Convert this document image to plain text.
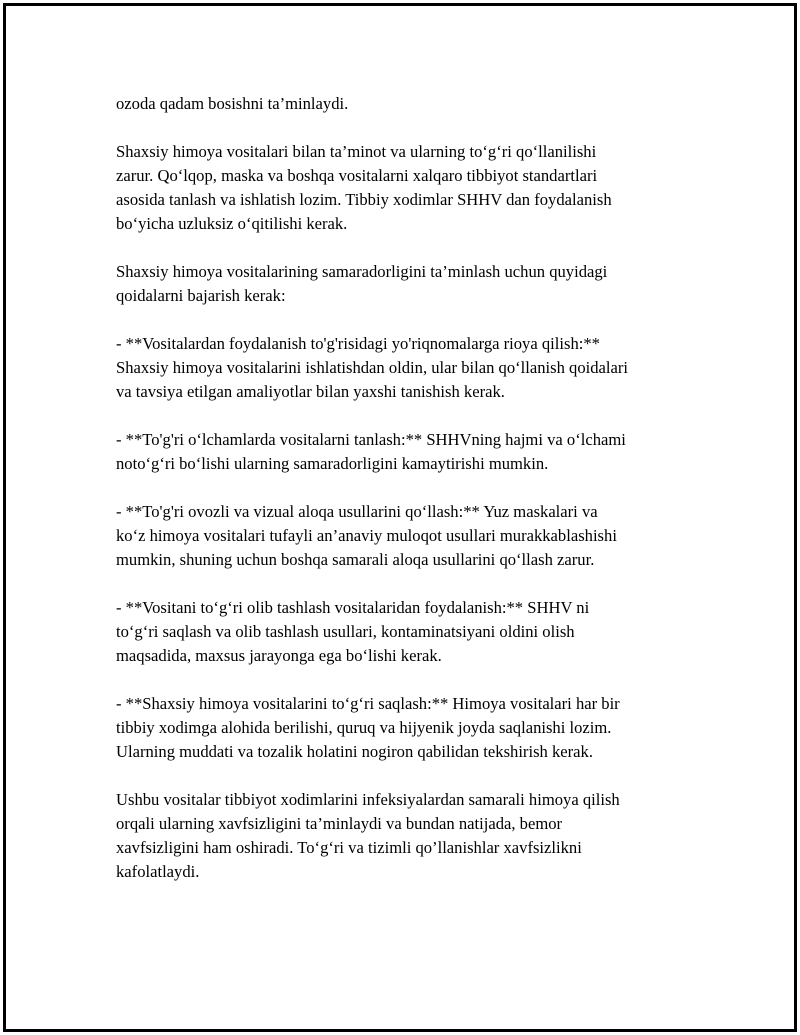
ozoda qadam bosishni ta’minlaydi.

Shaxsiy himoya vositalari bilan ta’minot va ularning to‘g‘ri qo‘llanilishi
zarur. Qo‘lqop, maska va boshqa vositalarni xalqaro tibbiyot standartlari
asosida tanlash va ishlatish lozim. Tibbiy xodimlar SHHV dan foydalanish
bo‘yicha uzluksiz o‘qitilishi kerak.

Shaxsiy himoya vositalarining samaradorligini ta’minlash uchun quyidagi
qoidalarni bajarish kerak:

- **Vositalardan foydalanish to'g'risidagi yo'riqnomalarga rioya qilish:**
Shaxsiy himoya vositalarini ishlatishdan oldin, ular bilan qo‘llanish qoidalari
va tavsiya etilgan amaliyotlar bilan yaxshi tanishish kerak.

- **To'g'ri o‘lchamlarda vositalarni tanlash:** SHHVning hajmi va o‘lchami
noto‘g‘ri bo‘lishi ularning samaradorligini kamaytirishi mumkin.

- **To'g'ri ovozli va vizual aloqa usullarini qo‘llash:** Yuz maskalari va
ko‘z himoya vositalari tufayli an’anaviy muloqot usullari murakkablashishi
mumkin, shuning uchun boshqa samarali aloqa usullarini qo‘llash zarur.

- **Vositani to‘g‘ri olib tashlash vositalaridan foydalanish:** SHHV ni
to‘g‘ri saqlash va olib tashlash usullari, kontaminatsiyani oldini olish
maqsadida, maxsus jarayonga ega bo‘lishi kerak.

- **Shaxsiy himoya vositalarini to‘g‘ri saqlash:** Himoya vositalari har bir
tibbiy xodimga alohida berilishi, quruq va hijyenik joyda saqlanishi lozim.
Ularning muddati va tozalik holatini nogiron qabilidan tekshirish kerak.

Ushbu vositalar tibbiyot xodimlarini infeksiyalardan samarali himoya qilish
orqali ularning xavfsizligini ta’minlaydi va bundan natijada, bemor
xavfsizligini ham oshiradi. To‘g‘ri va tizimli qo’llanishlar xavfsizlikni
kafolatlaydi.
